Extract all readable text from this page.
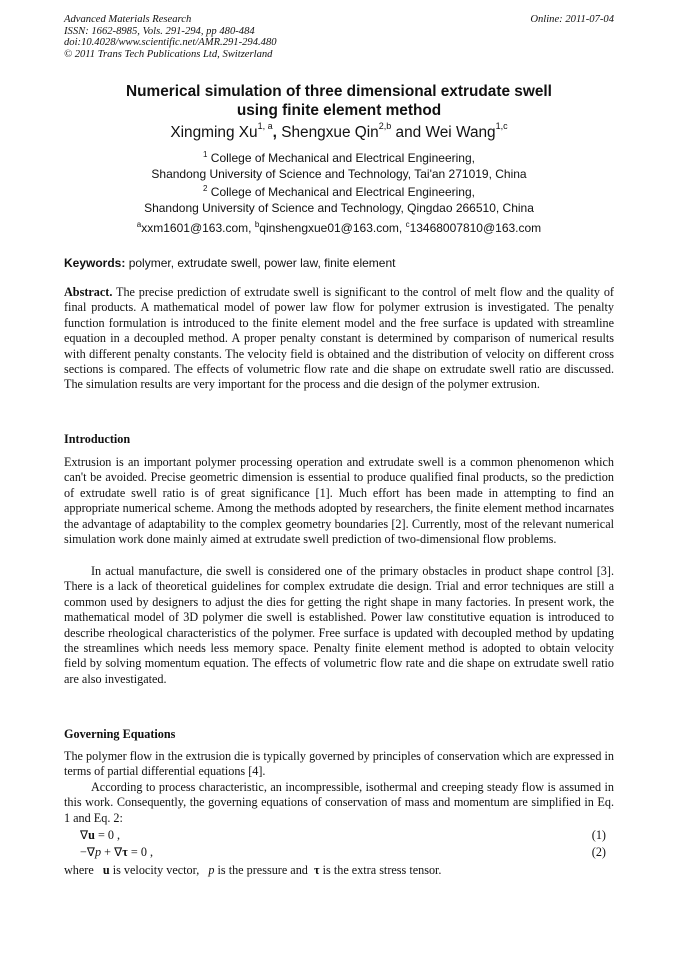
Advanced Materials Research
ISSN: 1662-8985, Vols. 291-294, pp 480-484
doi:10.4028/www.scientific.net/AMR.291-294.480
© 2011 Trans Tech Publications Ltd, Switzerland
Online: 2011-07-04
Numerical simulation of three dimensional extrudate swell
using finite element method
Xingming Xu$^{1, a}$, Shengxue Qin$^{2,b}$ and Wei Wang$^{1,c}$
$^1$ College of Mechanical and Electrical Engineering,
Shandong University of Science and Technology, Tai'an 271019, China
$^2$ College of Mechanical and Electrical Engineering,
Shandong University of Science and Technology, Qingdao 266510, China
$^a$xxm1601@163.com, $^b$qinshengxue01@163.com, $^c$13468007810@163.com
Keywords: polymer, extrudate swell, power law, finite element
Abstract. The precise prediction of extrudate swell is significant to the control of melt flow and the quality of final products. A mathematical model of power law flow for polymer extrusion is investigated. The penalty function formulation is introduced to the finite element model and the free surface is updated with streamline equation in a decoupled method. A proper penalty constant is determined by comparison of numerical results with different penalty constants. The velocity field is obtained and the distribution of velocity on different cross sections is compared. The effects of volumetric flow rate and die shape on extrudate swell ratio are discussed. The simulation results are very important for the process and die design of the polymer extrusion.
Introduction
Extrusion is an important polymer processing operation and extrudate swell is a common phenomenon which can't be avoided. Precise geometric dimension is essential to produce qualified final products, so the prediction of extrudate swell ratio is of great significance [1]. Much effort has been made in attempting to find an appropriate numerical scheme. Among the methods adopted by researchers, the finite element method incarnates the advantage of adaptability to the complex geometry boundaries [2]. Currently, most of the relevant numerical simulation work done mainly aimed at extrudate swell prediction of two-dimensional flow problems.
In actual manufacture, die swell is considered one of the primary obstacles in product shape control [3]. There is a lack of theoretical guidelines for complex extrudate die design. Trial and error techniques are still a common used by designers to adjust the dies for getting the right shape in many factories. In present work, the mathematical model of 3D polymer die swell is established. Power law constitutive equation is introduced to describe rheological characteristics of the polymer. Free surface is updated with decoupled method by updating the streamlines which needs less memory space. Penalty finite element method is adopted to obtain velocity field by solving momentum equation. The effects of volumetric flow rate and die shape on extrudate swell ratio are also investigated.
Governing Equations
The polymer flow in the extrusion die is typically governed by principles of conservation which are expressed in terms of partial differential equations [4].
According to process characteristic, an incompressible, isothermal and creeping steady flow is assumed in this work. Consequently, the governing equations of conservation of mass and momentum are simplified in Eq. 1 and Eq. 2:
∇u = 0 ,	(1)
−∇p + ∇τ = 0 ,	(2)
where   u is velocity vector,   p is the pressure and  τ is the extra stress tensor.
